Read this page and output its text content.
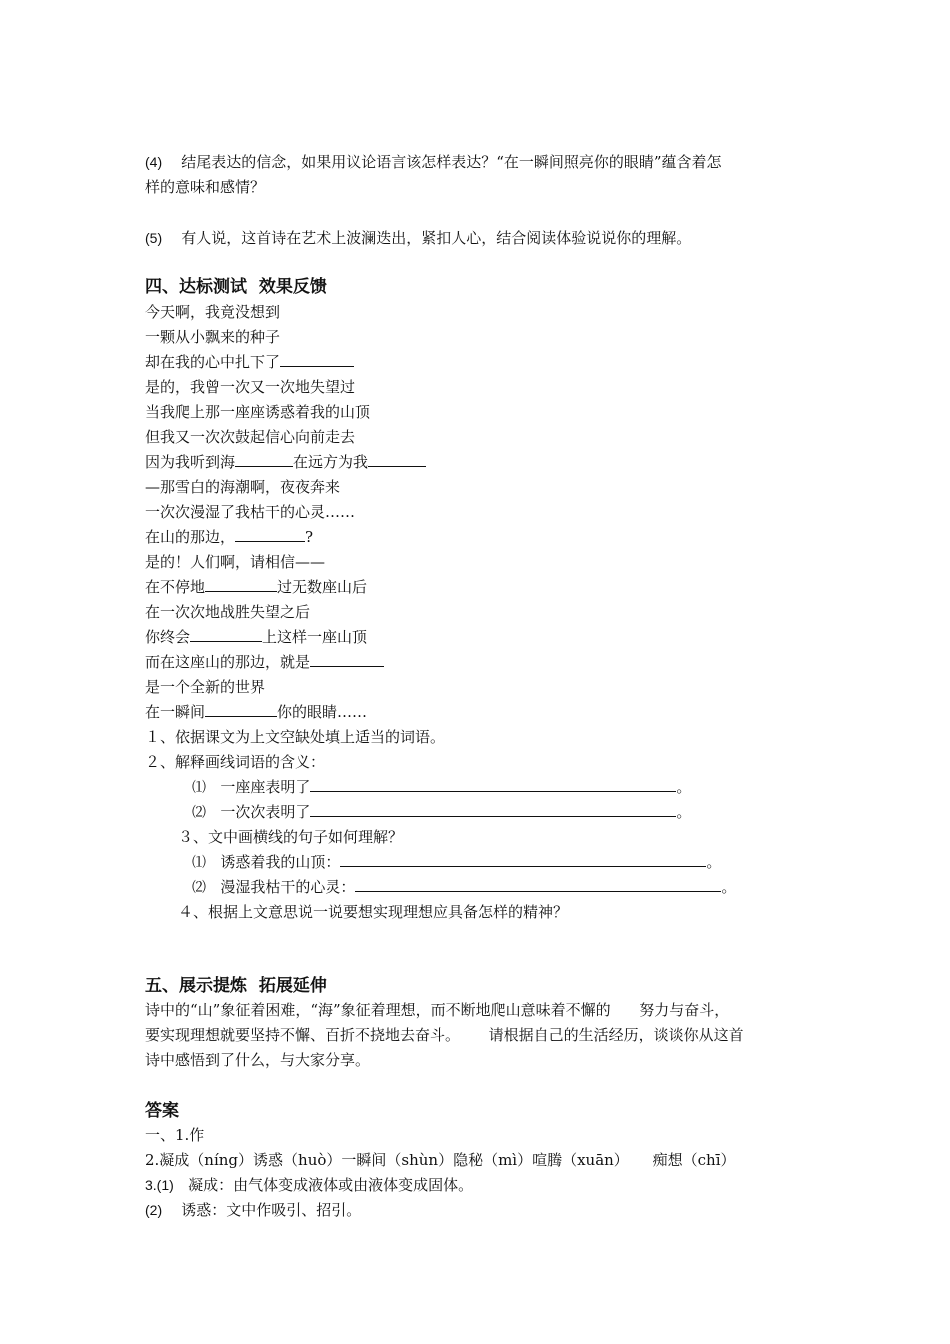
(4) 结尾表达的信念，如果用议论语言该怎样表达？“在一瞬间照亮你的眼睛”蕴含着怎
样的意味和感情？
(5) 有人说，这首诗在艺术上波澜迭出，紧扣人心，结合阅读体验说说你的理解。
四、达标测试  效果反馈
今天啊，我竟没想到
一颗从小飘来的种子
却在我的心中扎下了
是的，我曾一次又一次地失望过
当我爬上那一座座诱惑着我的山顶
但我又一次次鼓起信心向前走去
因为我听到海	在远方为我
—那雪白的海潮啊，夜夜奔来
一次次漫湿了我枯干的心灵……
在山的那边，	?
是的！人们啊，请相信——
在不停地	过无数座山后
在一次次地战胜失望之后
你终会	上这样一座山顶
而在这座山的那边，就是
是一个全新的世界
在一瞬间	你的眼睛……
１、依据课文为上文空缺处填上适当的词语。
２、解释画线词语的含义：
⑴ 一座座表明了	。
⑵ 一次次表明了	。
３、文中画横线的句子如何理解？
⑴ 诱惑着我的山顶：	。
⑵ 漫湿我枯干的心灵：	。
４、根据上文意思说一说要想实现理想应具备怎样的精神？
五、展示提炼  拓展延伸
诗中的“山”象征着困难，“海”象征着理想，而不断地爬山意味着不懈的      努力与奋斗，
要实现理想就要坚持不懈、百折不挠地去奋斗。      请根据自己的生活经历，谈谈你从这首
诗中感悟到了什么，与大家分享。
答案
一、1.作
2.凝成（níng）诱惑（huò）一瞬间（shùn）隐秘（mì）喧腾（xuān）     痴想（chī）
3.(1) 凝成：由气体变成液体或由液体变成固体。
(2) 诱惑：文中作吸引、招引。
